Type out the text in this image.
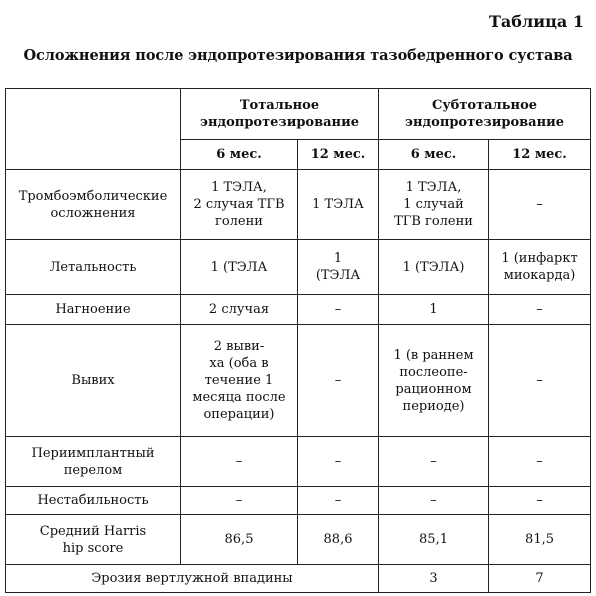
Таблица 1
Осложнения после эндопротезирования тазобедренного сустава

	Тотальное
эндопротезирование		Субтотальное
эндопротезирование	

	6 мес.	12 мес.	6 мес.	12 мес.

Тромбоэмболические
осложнения	1 ТЭЛА,
2 случая ТГВ
голени	1 ТЭЛА	1 ТЭЛА,
1 случай
ТГВ голени	–

Летальность	1 (ТЭЛА	1
(ТЭЛА	1 (ТЭЛА)	1 (инфаркт
миокарда)

Нагноение	2 случая	–	1	–

Вывих	2 выви-
ха (оба в
течение 1
месяца после
операции)	–	1 (в раннем
послеопе-
рационном
периоде)	–

Периимплантный
перелом	–	–	–	–

Нестабильность	–	–	–	–

Средний Harris
hip score	86,5	88,6	85,1	81,5

Эрозия вертлужной впадины			3	7
